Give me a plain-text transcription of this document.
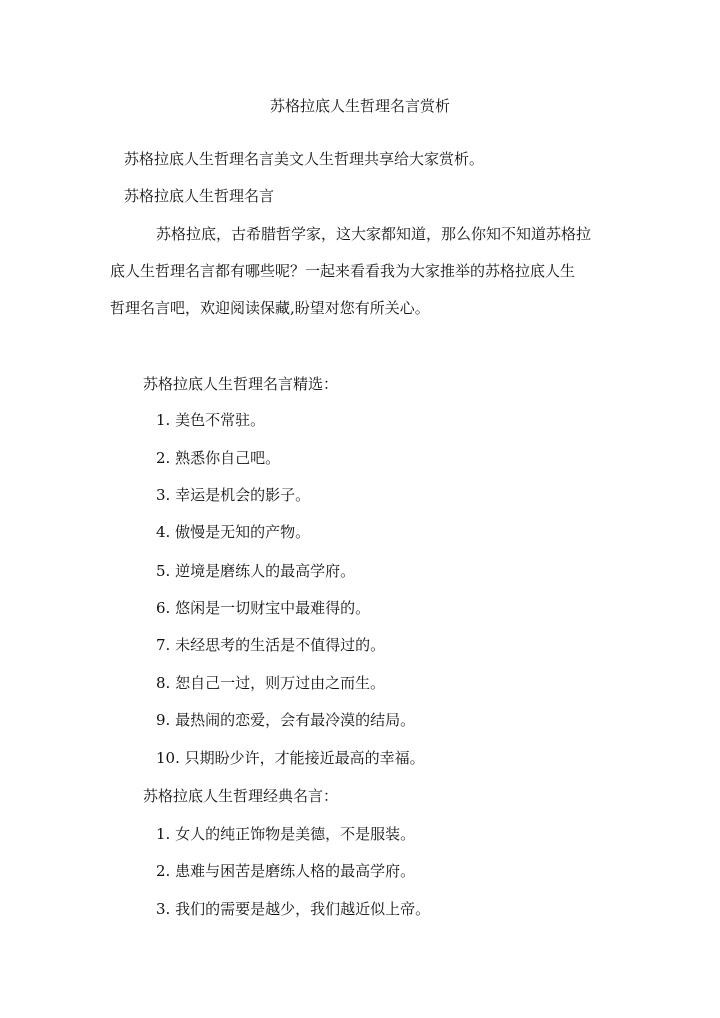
苏格拉底人生哲理名言赏析
苏格拉底人生哲理名言美文人生哲理共享给大家赏析。
苏格拉底人生哲理名言
苏格拉底，古希腊哲学家，这大家都知道，那么你知不知道苏格拉
底人生哲理名言都有哪些呢？一起来看看我为大家推举的苏格拉底人生
哲理名言吧，欢迎阅读保藏,盼望对您有所关心。
苏格拉底人生哲理名言精选：
1. 美色不常驻。
2. 熟悉你自己吧。
3. 幸运是机会的影子。
4. 傲慢是无知的产物。
5. 逆境是磨练人的最高学府。
6. 悠闲是一切财宝中最难得的。
7. 未经思考的生活是不值得过的。
8. 恕自己一过，则万过由之而生。
9. 最热闹的恋爱，会有最冷漠的结局。
10. 只期盼少许，才能接近最高的幸福。
苏格拉底人生哲理经典名言：
1. 女人的纯正饰物是美德，不是服装。
2. 患难与困苦是磨练人格的最高学府。
3. 我们的需要是越少，我们越近似上帝。
